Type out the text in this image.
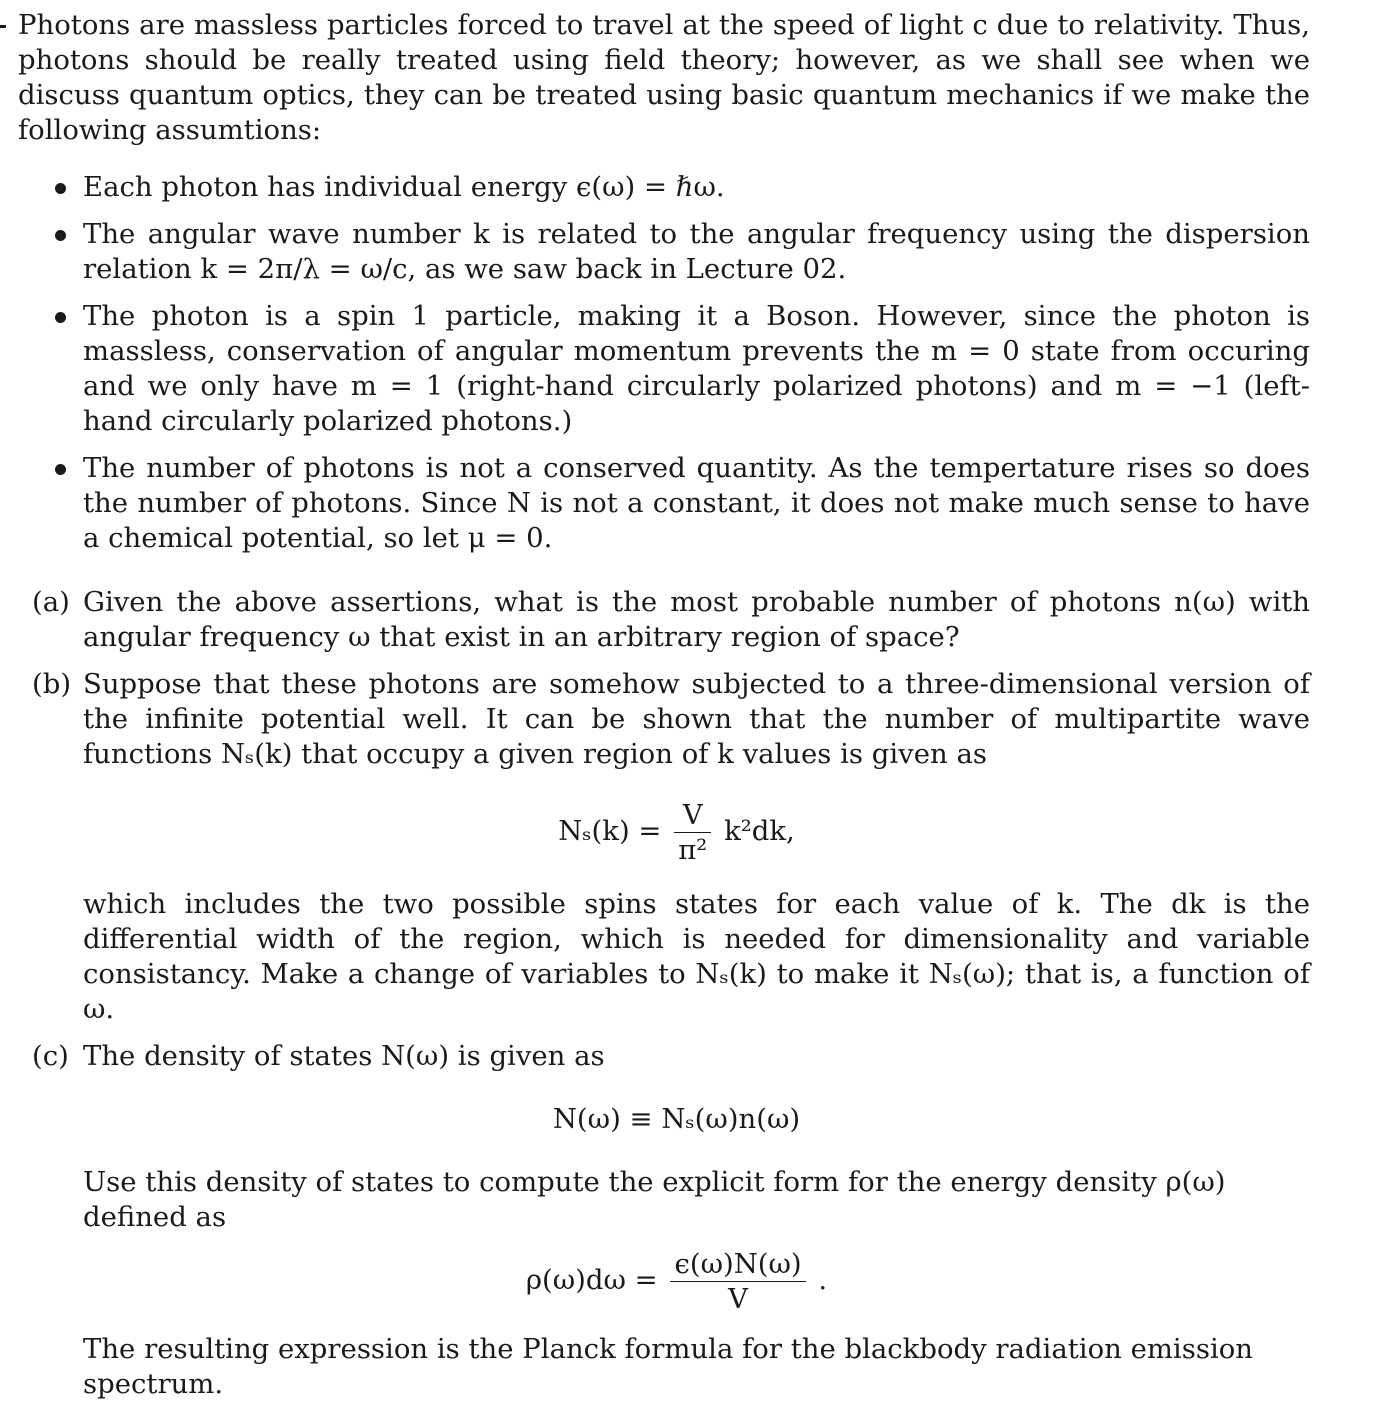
Photons are massless particles forced to travel at the speed of light c due to relativity. Thus, photons should be really treated using field theory; however, as we shall see when we discuss quantum optics, they can be treated using basic quantum mechanics if we make the following assumtions:

Each photon has individual energy ϵ(ω) = ℏω.
The angular wave number k is related to the angular frequency using the dispersion relation k = 2π/λ = ω/c, as we saw back in Lecture 02.
The photon is a spin 1 particle, making it a Boson. However, since the photon is massless, conservation of angular momentum prevents the m = 0 state from occuring and we only have m = 1 (right-hand circularly polarized photons) and m = −1 (left-hand circularly polarized photons.)
The number of photons is not a conserved quantity. As the tempertature rises so does the number of photons. Since N is not a constant, it does not make much sense to have a chemical potential, so let μ = 0.
(a) Given the above assertions, what is the most probable number of photons n(ω) with angular frequency ω that exist in an arbitrary region of space?
(b) Suppose that these photons are somehow subjected to a three-dimensional version of the infinite potential well. It can be shown that the number of multipartite wave functions Nₛ(k) that occupy a given region of k values is given as

$N_s(k) = \frac{V}{\text{π²}} k^2dk$,

which includes the two possible spins states for each value of k. The dk is the differential width of the region, which is needed for dimensionality and variable consistancy. Make a change of variables to Nₛ(k) to make it Nₛ(ω); that is, a function of ω.

(c) The density of states N(ω) is given as

N(ω) ≡ Nₛ(ω)n(ω)

Use this density of states to compute the explicit form for the energy density ρ(ω) defined as

$\rho(\omega)d\omega = \frac{\epsilon(\omega)N(\omega)}{V}$ .

The resulting expression is the Planck formula for the blackbody radiation emission spectrum.
